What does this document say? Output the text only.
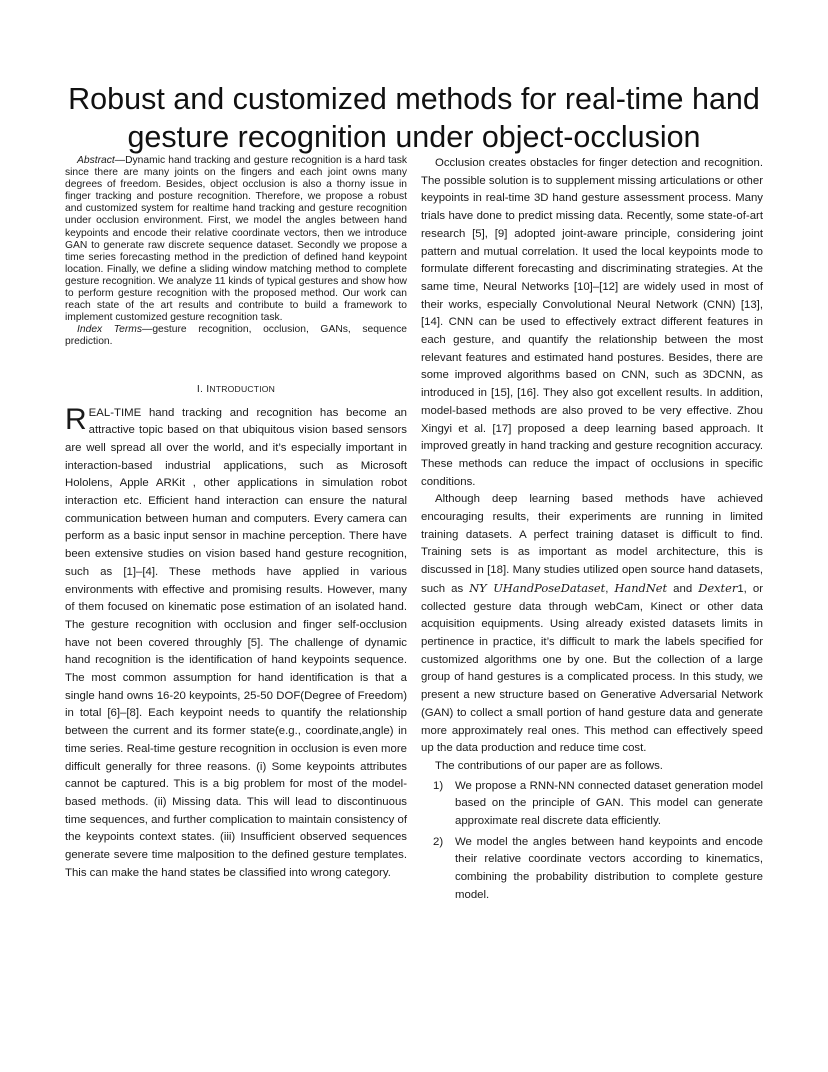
Robust and customized methods for real-time hand gesture recognition under object-occlusion

Abstract—Dynamic hand tracking and gesture recognition is a hard task since there are many joints on the fingers and each joint owns many degrees of freedom. Besides, object occlusion is also a thorny issue in finger tracking and posture recognition. Therefore, we propose a robust and customized system for realtime hand tracking and gesture recognition under occlusion environment. First, we model the angles between hand keypoints and encode their relative coordinate vectors, then we introduce GAN to generate raw discrete sequence dataset. Secondly we propose a time series forecasting method in the prediction of defined hand keypoint location. Finally, we define a sliding window matching method to complete gesture recognition. We analyze 11 kinds of typical gestures and show how to perform gesture recognition with the proposed method. Our work can reach state of the art results and contribute to build a framework to implement customized gesture recognition task.

Index Terms—gesture recognition, occlusion, GANs, sequence prediction.

I. INTRODUCTION

REAL-TIME hand tracking and recognition has become an attractive topic based on that ubiquitous vision based sensors are well spread all over the world, and it’s especially important in interaction-based industrial applications, such as Microsoft Hololens, Apple ARKit , other applications in simulation robot interaction etc. Efficient hand interaction can ensure the natural communication between human and computers. Every camera can perform as a basic input sensor in machine perception. There have been extensive studies on vision based hand gesture recognition, such as [1]–[4]. These methods have applied in various environments with effective and promising results. However, many of them focused on kinematic pose estimation of an isolated hand. The gesture recognition with occlusion and finger self-occlusion have not been covered throughly [5]. The challenge of dynamic hand recognition is the identification of hand keypoints sequence. The most common assumption for hand identification is that a single hand owns 16-20 keypoints, 25-50 DOF(Degree of Freedom) in total [6]–[8]. Each keypoint needs to quantify the relationship between the current and its former state(e.g., coordinate,angle) in time series. Real-time gesture recognition in occlusion is even more difficult generally for three reasons. (i) Some keypoints attributes cannot be captured. This is a big problem for most of the model-based methods. (ii) Missing data. This will lead to discontinuous time sequences, and further complication to maintain consistency of the keypoints context states. (iii) Insufficient observed sequences generate severe time malposition to the defined gesture templates. This can make the hand states be classified into wrong category.

Occlusion creates obstacles for finger detection and recognition. The possible solution is to supplement missing articulations or other keypoints in real-time 3D hand gesture assessment process. Many trials have done to predict missing data. Recently, some state-of-art research [5], [9] adopted joint-aware principle, considering joint pattern and mutual correlation. It used the local keypoints mode to formulate different forecasting and discriminating strategies. At the same time, Neural Networks [10]–[12] are widely used in most of their works, especially Convolutional Neural Network (CNN) [13], [14]. CNN can be used to effectively extract different features in each gesture, and quantify the relationship between the most relevant features and estimated hand postures. Besides, there are some improved algorithms based on CNN, such as 3DCNN, as introduced in [15], [16]. They also got excellent results. In addition, model-based methods are also proved to be very effective. Zhou Xingyi et al. [17] proposed a deep learning based approach. It improved greatly in hand tracking and gesture recognition accuracy. These methods can reduce the impact of occlusions in specific conditions.

Although deep learning based methods have achieved encouraging results, their experiments are running in limited training datasets. A perfect training dataset is difficult to find. Training sets is as important as model architecture, this is discussed in [18]. Many studies utilized open source hand datasets, such as NY UHandPoseDataset, HandNet and Dexter1, or collected gesture data through webCam, Kinect or other data acquisition equipments. Using already existed datasets limits in pertinence in practice, it’s difficult to mark the labels specified for customized algorithms one by one. But the collection of a large group of hand gestures is a complicated process. In this study, we present a new structure based on Generative Adversarial Network (GAN) to collect a small portion of hand gesture data and generate more approximately real ones. This method can effectively speed up the data production and reduce time cost.

The contributions of our paper are as follows.

1) We propose a RNN-NN connected dataset generation model based on the principle of GAN. This model can generate approximate real discrete data efficiently.
2) We model the angles between hand keypoints and encode their relative coordinate vectors according to kinematics, combining the probability distribution to complete gesture model.
